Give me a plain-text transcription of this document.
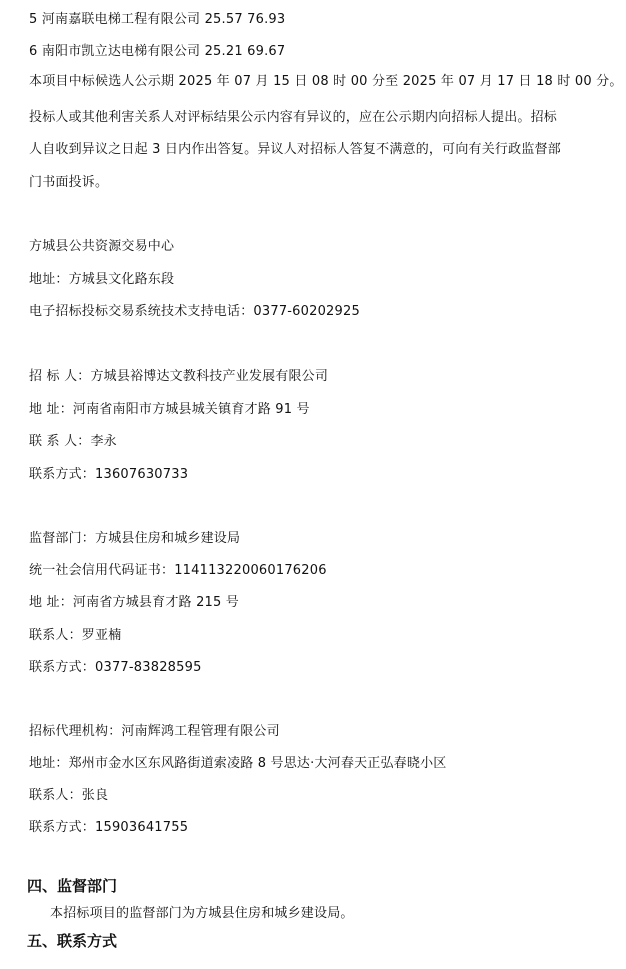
5 河南嘉联电梯工程有限公司 25.57 76.93
6 南阳市凯立达电梯有限公司 25.21 69.67
本项目中标候选人公示期 2025 年 07 月 15 日 08 时 00 分至 2025 年 07 月 17 日 18 时 00 分。
投标人或其他利害关系人对评标结果公示内容有异议的，应在公示期内向招标人提出。招标
人自收到异议之日起 3 日内作出答复。异议人对招标人答复不满意的，可向有关行政监督部
门书面投诉。
方城县公共资源交易中心
地址：方城县文化路东段
电子招标投标交易系统技术支持电话：0377-60202925
招 标 人：方城县裕博达文教科技产业发展有限公司
地 址：河南省南阳市方城县城关镇育才路 91 号
联 系 人：李永
联系方式：13607630733
监督部门：方城县住房和城乡建设局
统一社会信用代码证书：114113220060176206
地 址：河南省方城县育才路 215 号
联系人：罗亚楠
联系方式：0377-83828595
招标代理机构：河南辉鸿工程管理有限公司
地址：郑州市金水区东风路街道索凌路 8 号思达·大河春天正弘春晓小区
联系人：张良
联系方式：15903641755
四、监督部门
本招标项目的监督部门为方城县住房和城乡建设局。
五、联系方式
